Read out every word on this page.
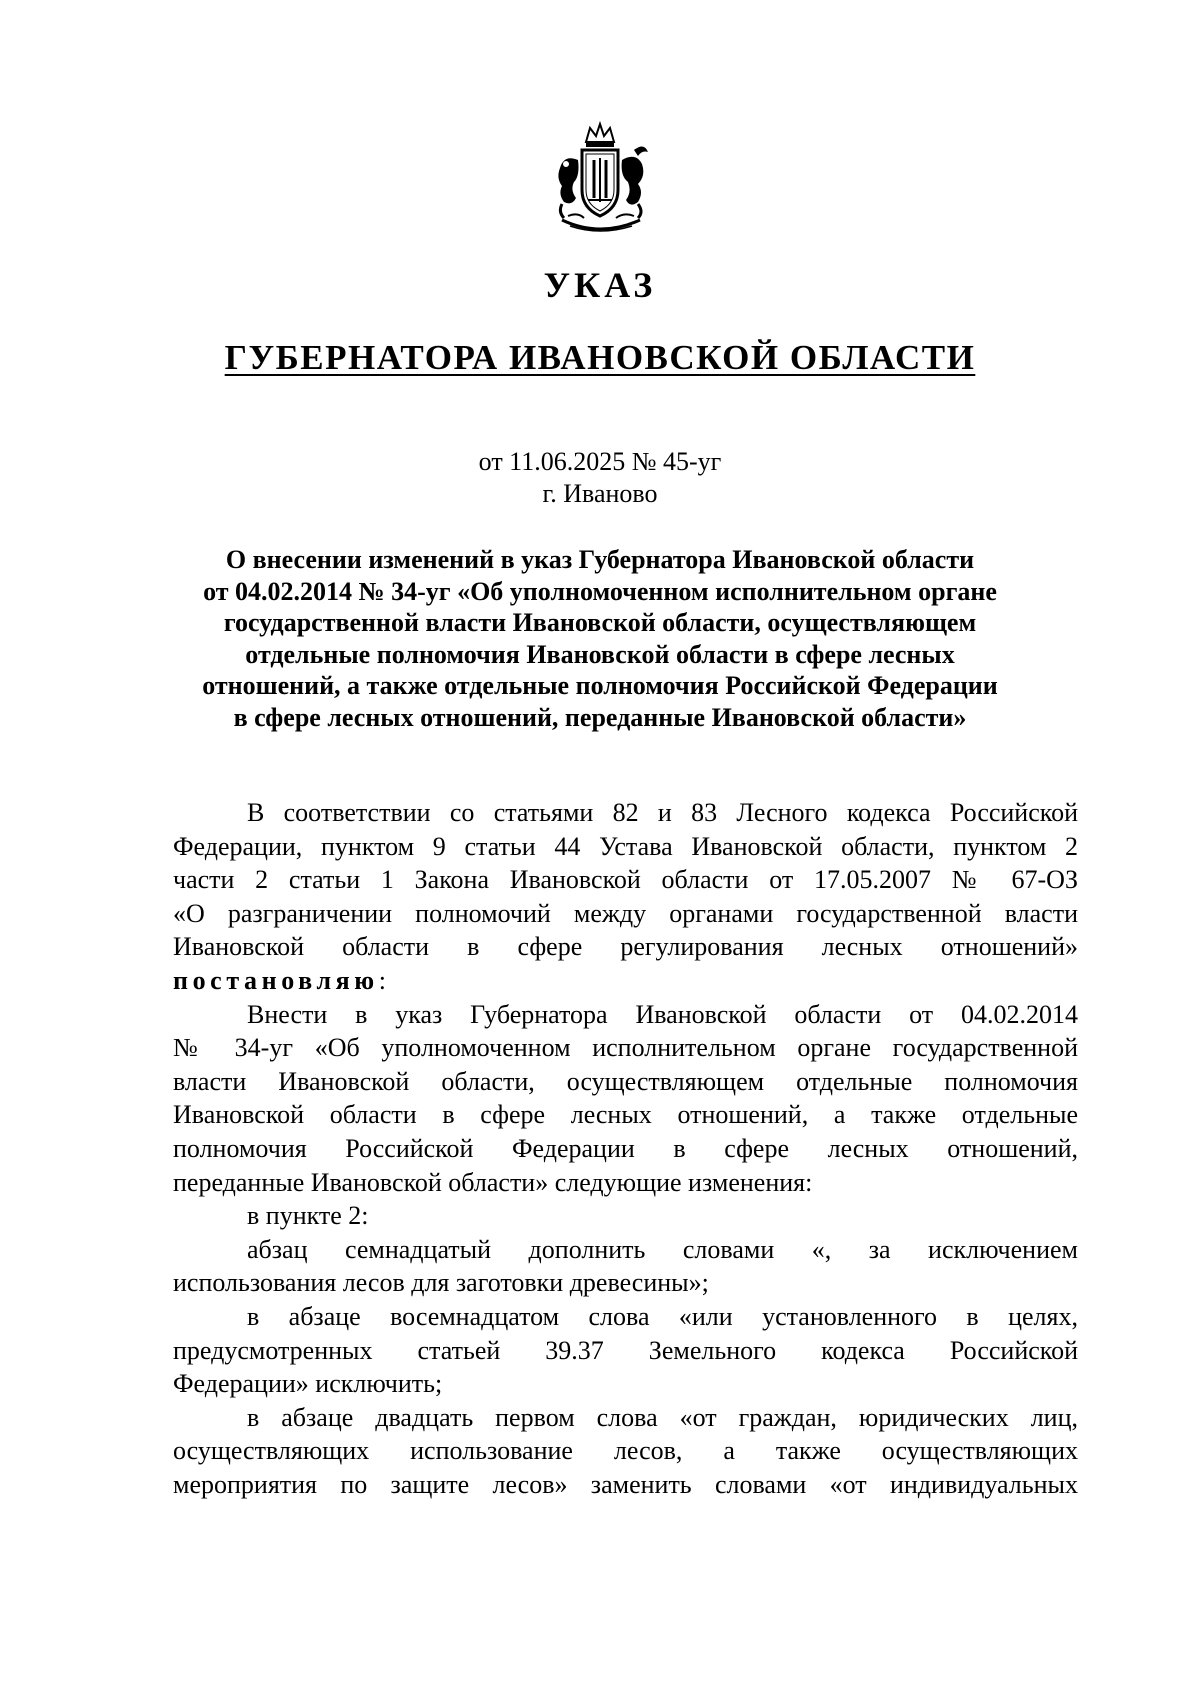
УКАЗ
ГУБЕРНАТОРА ИВАНОВСКОЙ ОБЛАСТИ
от 11.06.2025 № 45-уг
г. Иваново
О внесении изменений в указ Губернатора Ивановской области
от 04.02.2014 № 34-уг «Об уполномоченном исполнительном органе
государственной власти Ивановской области, осуществляющем
отдельные полномочия Ивановской области в сфере лесных
отношений, а также отдельные полномочия Российской Федерации
в сфере лесных отношений, переданные Ивановской области»
В соответствии со статьями 82 и 83 Лесного кодекса Российской
Федерации, пунктом 9 статьи 44 Устава Ивановской области, пунктом 2
части 2 статьи 1 Закона Ивановской области от 17.05.2007 № 67-ОЗ
«О разграничении полномочий между органами государственной власти
Ивановской области в сфере регулирования лесных отношений»
постановляю:
Внести в указ Губернатора Ивановской области от 04.02.2014
№ 34-уг «Об уполномоченном исполнительном органе государственной
власти Ивановской области, осуществляющем отдельные полномочия
Ивановской области в сфере лесных отношений, а также отдельные
полномочия Российской Федерации в сфере лесных отношений,
переданные Ивановской области» следующие изменения:
в пункте 2:
абзац семнадцатый дополнить словами «, за исключением
использования лесов для заготовки древесины»;
в абзаце восемнадцатом слова «или установленного в целях,
предусмотренных статьей 39.37 Земельного кодекса Российской
Федерации» исключить;
в абзаце двадцать первом слова «от граждан, юридических лиц,
осуществляющих использование лесов, а также осуществляющих
мероприятия по защите лесов» заменить словами «от индивидуальных
